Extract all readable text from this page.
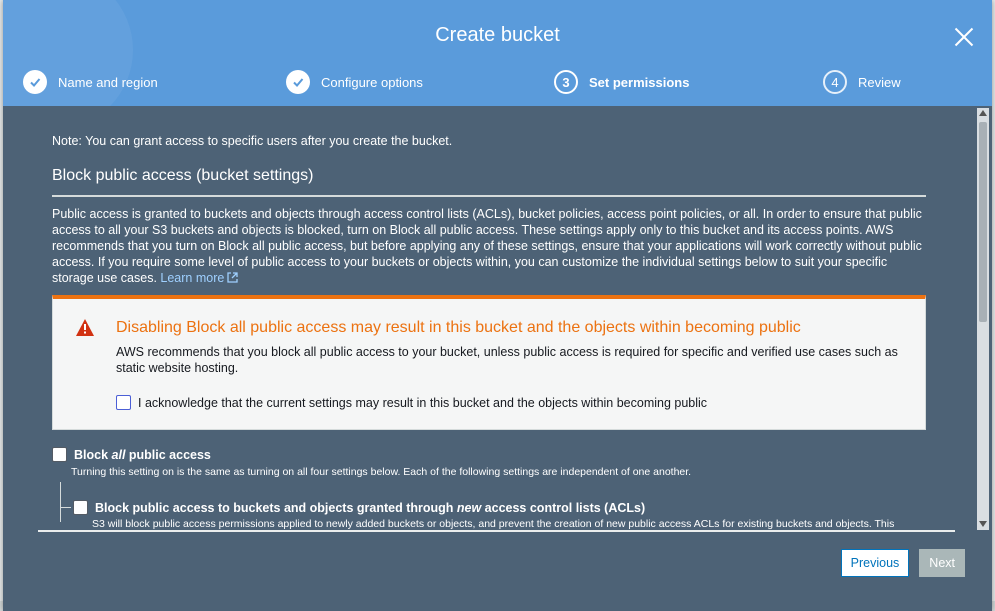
Create bucket
Name and region	Configure options	3	Set permissions	4	Review
Note: You can grant access to specific users after you create the bucket.
Block public access (bucket settings)
Public access is granted to buckets and objects through access control lists (ACLs), bucket policies, access point policies, or all. In order to ensure that public access to all your S3 buckets and objects is blocked, turn on Block all public access. These settings apply only to this bucket and its access points. AWS recommends that you turn on Block all public access, but before applying any of these settings, ensure that your applications will work correctly without public access. If you require some level of public access to your buckets or objects within, you can customize the individual settings below to suit your specific storage use cases. Learn more
Disabling Block all public access may result in this bucket and the objects within becoming public
AWS recommends that you block all public access to your bucket, unless public access is required for specific and verified use cases such as static website hosting.
I acknowledge that the current settings may result in this bucket and the objects within becoming public
Block all public access
Turning this setting on is the same as turning on all four settings below. Each of the following settings are independent of one another.
Block public access to buckets and objects granted through new access control lists (ACLs)
S3 will block public access permissions applied to newly added buckets or objects, and prevent the creation of new public access ACLs for existing buckets and objects. This
Previous	Next
